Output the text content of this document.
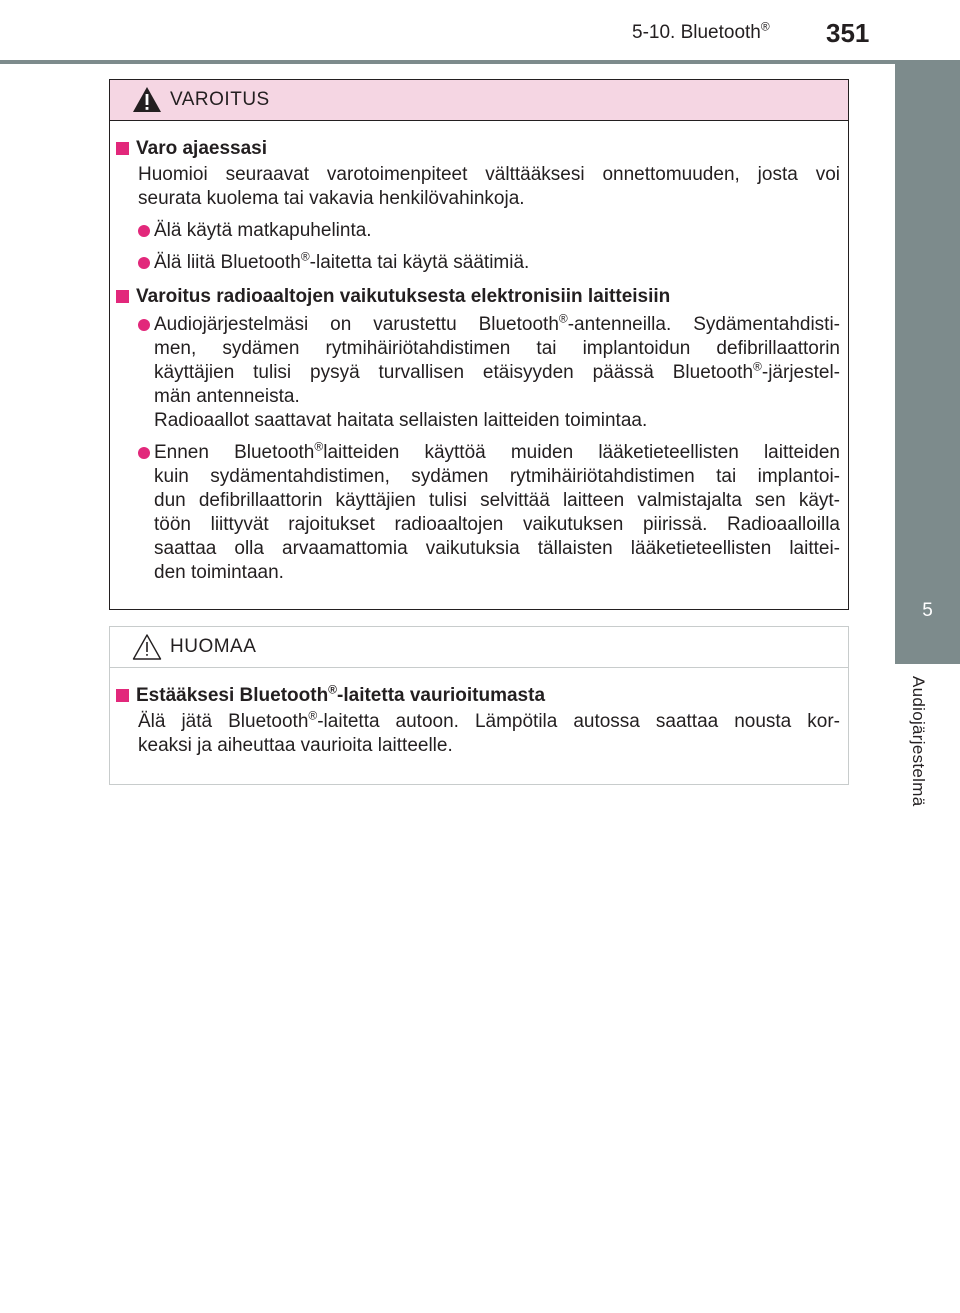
5-10. Bluetooth® 351
5
Audiojärjestelmä
VAROITUS
Varo ajaessasi
Huomioi seuraavat varotoimenpiteet välttääksesi onnettomuuden, josta voi
seurata kuolema tai vakavia henkilövahinkoja.
Älä käytä matkapuhelinta.
Älä liitä Bluetooth®-laitetta tai käytä säätimiä.
Varoitus radioaaltojen vaikutuksesta elektronisiin laitteisiin
Audiojärjestelmäsi on varustettu Bluetooth®-antenneilla. Sydämentahdisti-
men, sydämen rytmihäiriötahdistimen tai implantoidun defibrillaattorin
käyttäjien tulisi pysyä turvallisen etäisyyden päässä Bluetooth®-järjestel-
män antenneista.
Radioaallot saattavat haitata sellaisten laitteiden toimintaa.
Ennen Bluetooth®laitteiden käyttöä muiden lääketieteellisten laitteiden
kuin sydämentahdistimen, sydämen rytmihäiriötahdistimen tai implantoi-
dun defibrillaattorin käyttäjien tulisi selvittää laitteen valmistajalta sen käyt-
töön liittyvät rajoitukset radioaaltojen vaikutuksen piirissä. Radioaalloilla
saattaa olla arvaamattomia vaikutuksia tällaisten lääketieteellisten laittei-
den toimintaan.
HUOMAA
Estääksesi Bluetooth®-laitetta vaurioitumasta
Älä jätä Bluetooth®-laitetta autoon. Lämpötila autossa saattaa nousta kor-
keaksi ja aiheuttaa vaurioita laitteelle.
